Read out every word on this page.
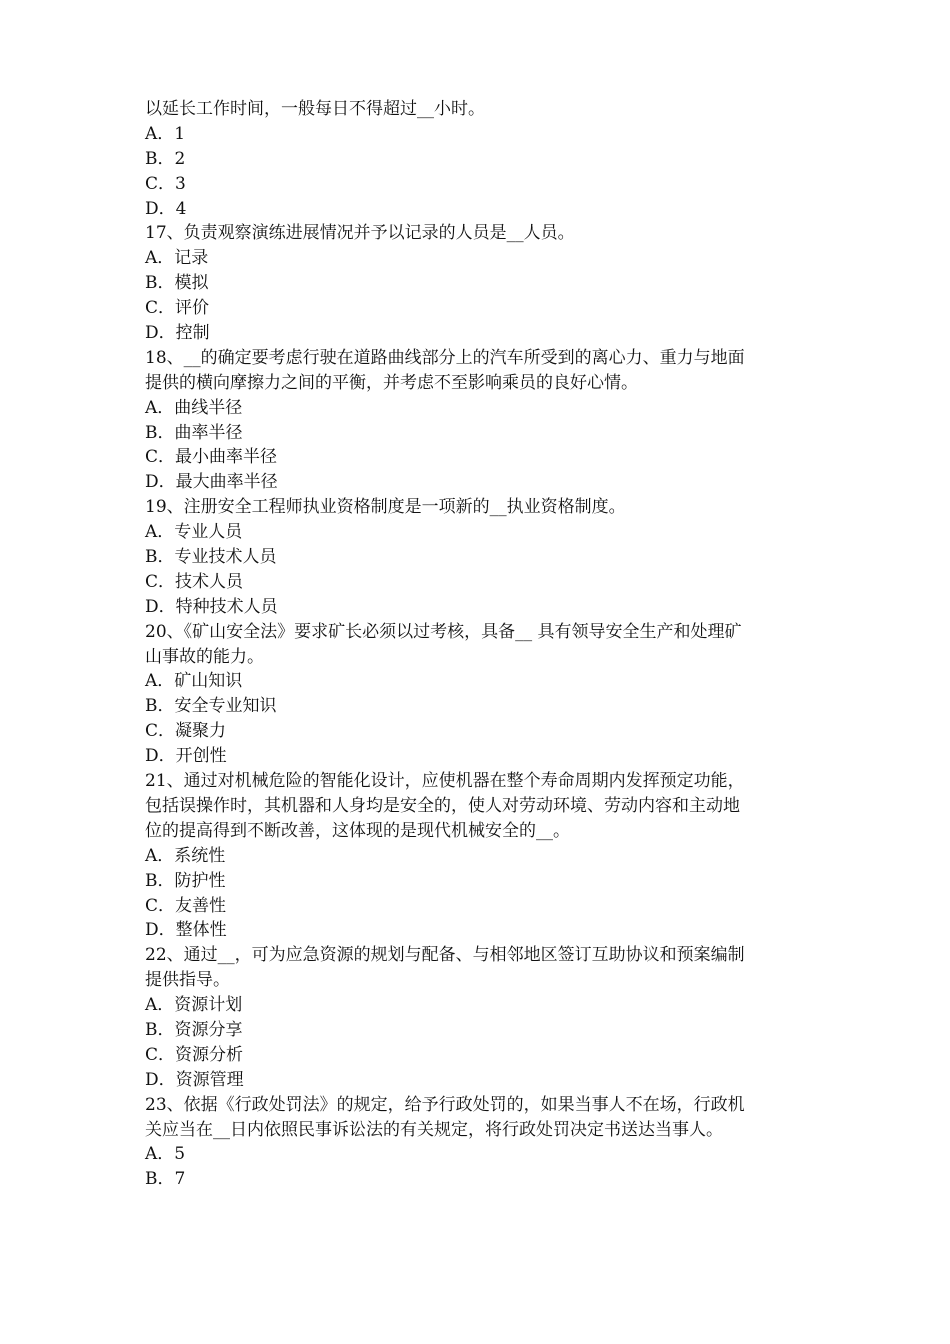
以延长工作时间，一般每日不得超过__小时。
A．1
B．2
C．3
D．4
17、负责观察演练进展情况并予以记录的人员是__人员。
A．记录
B．模拟
C．评价
D．控制
18、__的确定要考虑行驶在道路曲线部分上的汽车所受到的离心力、重力与地面
提供的横向摩擦力之间的平衡，并考虑不至影响乘员的良好心情。
A．曲线半径
B．曲率半径
C．最小曲率半径
D．最大曲率半径
19、注册安全工程师执业资格制度是一项新的__执业资格制度。
A．专业人员
B．专业技术人员
C．技术人员
D．特种技术人员
20、《矿山安全法》要求矿长必须以过考核，具备__ 具有领导安全生产和处理矿
山事故的能力。
A．矿山知识
B．安全专业知识
C．凝聚力
D．开创性
21、通过对机械危险的智能化设计，应使机器在整个寿命周期内发挥预定功能，
包括误操作时，其机器和人身均是安全的，使人对劳动环境、劳动内容和主动地
位的提高得到不断改善，这体现的是现代机械安全的__。
A．系统性
B．防护性
C．友善性
D．整体性
22、通过__，可为应急资源的规划与配备、与相邻地区签订互助协议和预案编制
提供指导。
A．资源计划
B．资源分享
C．资源分析
D．资源管理
23、依据《行政处罚法》的规定，给予行政处罚的，如果当事人不在场，行政机
关应当在__日内依照民事诉讼法的有关规定，将行政处罚决定书送达当事人。
A．5
B．7
